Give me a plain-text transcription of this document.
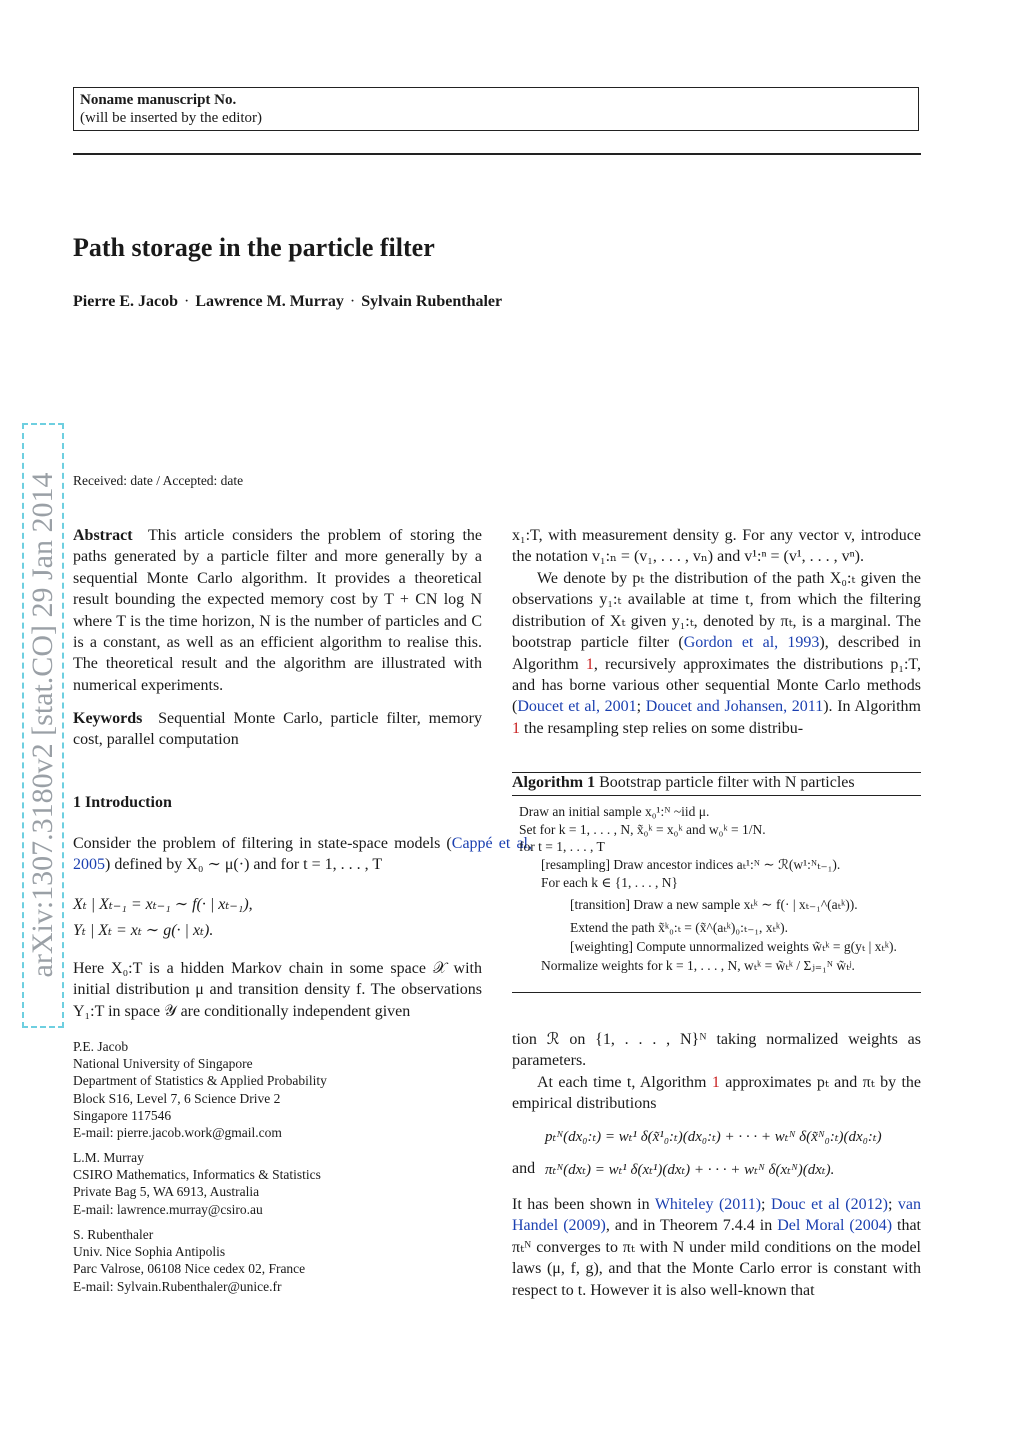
Noname manuscript No.
(will be inserted by the editor)
Path storage in the particle filter
Pierre E. Jacob · Lawrence M. Murray · Sylvain Rubenthaler
Received: date / Accepted: date
arXiv:1307.3180v2 [stat.CO] 29 Jan 2014 Abstract This article considers the problem of storing the paths generated by a particle filter and more generally by a sequential Monte Carlo algorithm. It provides a theoretical result bounding the expected memory cost by T + CN log N where T is the time horizon, N is the number of particles and C is a constant, as well as an efficient algorithm to realise this. The theoretical result and the algorithm are illustrated with numerical experiments.
Keywords Sequential Monte Carlo, particle filter, memory cost, parallel computation
1 Introduction
Consider the problem of filtering in state-space models (Cappé et al, 2005) defined by X₀ ∼ μ(·) and for t = 1, . . . , T
Xₜ | Xₜ₋₁ = xₜ₋₁ ∼ f(· | xₜ₋₁),
Yₜ | Xₜ = xₜ ∼ g(· | xₜ).
Here X₀:T is a hidden Markov chain in some space 𝒳 with initial distribution μ and transition density f. The observations Y₁:T in space 𝒴 are conditionally independent given
P.E. Jacob
National University of Singapore
Department of Statistics & Applied Probability
Block S16, Level 7, 6 Science Drive 2
Singapore 117546
E-mail: pierre.jacob.work@gmail.com
L.M. Murray
CSIRO Mathematics, Informatics & Statistics
Private Bag 5, WA 6913, Australia
E-mail: lawrence.murray@csiro.au
S. Rubenthaler
Univ. Nice Sophia Antipolis
Parc Valrose, 06108 Nice cedex 02, France
E-mail: Sylvain.Rubenthaler@unice.fr
x₁:T, with measurement density g. For any vector v, introduce the notation v₁:ₙ = (v₁, . . . , vₙ) and v¹:ⁿ = (v¹, . . . , vⁿ).
We denote by pₜ the distribution of the path X₀:ₜ given the observations y₁:ₜ available at time t, from which the filtering distribution of Xₜ given y₁:ₜ, denoted by πₜ, is a marginal. The bootstrap particle filter (Gordon et al, 1993), described in Algorithm 1, recursively approximates the distributions p₁:T, and has borne various other sequential Monte Carlo methods (Doucet et al, 2001; Doucet and Johansen, 2011). In Algorithm 1 the resampling step relies on some distribu-
Algorithm 1 Bootstrap particle filter with N particles
Draw an initial sample x₀¹:ᴺ ~iid μ.
Set for k = 1, . . . , N, x̃₀ᵏ = x₀ᵏ and w₀ᵏ = 1/N.
for t = 1, . . . , T
[resampling] Draw ancestor indices aₜ¹:ᴺ ∼ ℛ(w¹:ᴺₜ₋₁).
For each k ∈ {1, . . . , N}
[transition] Draw a new sample xₜᵏ ∼ f(· | xₜ₋₁^(aₜᵏ)).
Extend the path x̃ᵏ₀:ₜ = (x̃^(aₜᵏ)₀:ₜ₋₁, xₜᵏ).
[weighting] Compute unnormalized weights w̃ₜᵏ = g(yₜ | xₜᵏ).
Normalize weights for k = 1, . . . , N, wₜᵏ = w̃ₜᵏ / Σⱼ₌₁ᴺ w̃ₜʲ.
tion ℛ on {1, . . . , N}ᴺ taking normalized weights as parameters.
At each time t, Algorithm 1 approximates pₜ and πₜ by the empirical distributions
pₜᴺ(dx₀:ₜ) = wₜ¹ δ(x̃¹₀:ₜ)(dx₀:ₜ) + · · · + wₜᴺ δ(x̃ᴺ₀:ₜ)(dx₀:ₜ)
and πₜᴺ(dxₜ) = wₜ¹ δ(xₜ¹)(dxₜ) + · · · + wₜᴺ δ(xₜᴺ)(dxₜ).
It has been shown in Whiteley (2011); Douc et al (2012); van Handel (2009), and in Theorem 7.4.4 in Del Moral (2004) that πₜᴺ converges to πₜ with N under mild conditions on the model laws (μ, f, g), and that the Monte Carlo error is constant with respect to t. However it is also well-known that
